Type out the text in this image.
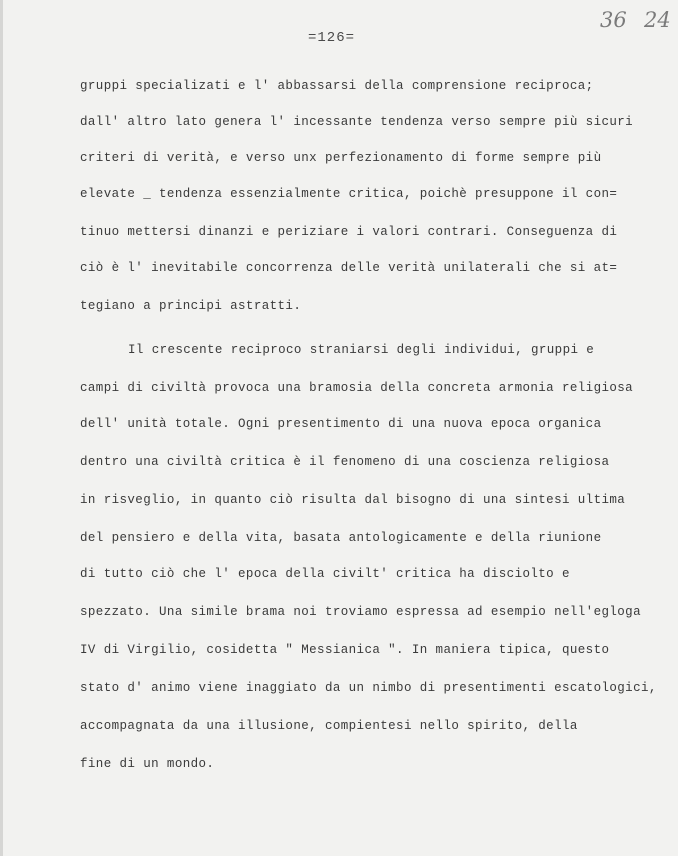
=126=
36 24
gruppi specializati e l' abbassarsi della comprensione reciproca;
dall' altro lato genera l' incessante tendenza verso sempre più sicuri
criteri di verità, e verso unx perfezionamento di forme sempre più
elevate _ tendenza essenzialmente critica, poichè presuppone il con=
tinuo mettersi dinanzi e periziare i valori contrari. Conseguenza di
ciò è l' inevitabile concorrenza delle verità unilaterali che si at=
tegiano a principi astratti.
Il crescente reciproco straniarsi degli individui, gruppi e
campi di civiltà provoca una bramosia della concreta armonia religiosa
dell' unità totale. Ogni presentimento di una nuova epoca organica
dentro una civiltà critica è il fenomeno di una coscienza religiosa
in risveglio, in quanto ciò risulta dal bisogno di una sintesi ultima
del pensiero e della vita, basata antologicamente e della riunione
di tutto ciò che l' epoca della civilt' critica ha disciolto e
spezzato. Una simile brama noi troviamo espressa ad esempio nell'egloga
IV di Virgilio, cosidetta " Messianica ". In maniera tipica, questo
stato d' animo viene inaggiato da un nimbo di presentimenti escatologici,
accompagnata da una illusione, compientesi nello spirito, della
fine di un mondo.
